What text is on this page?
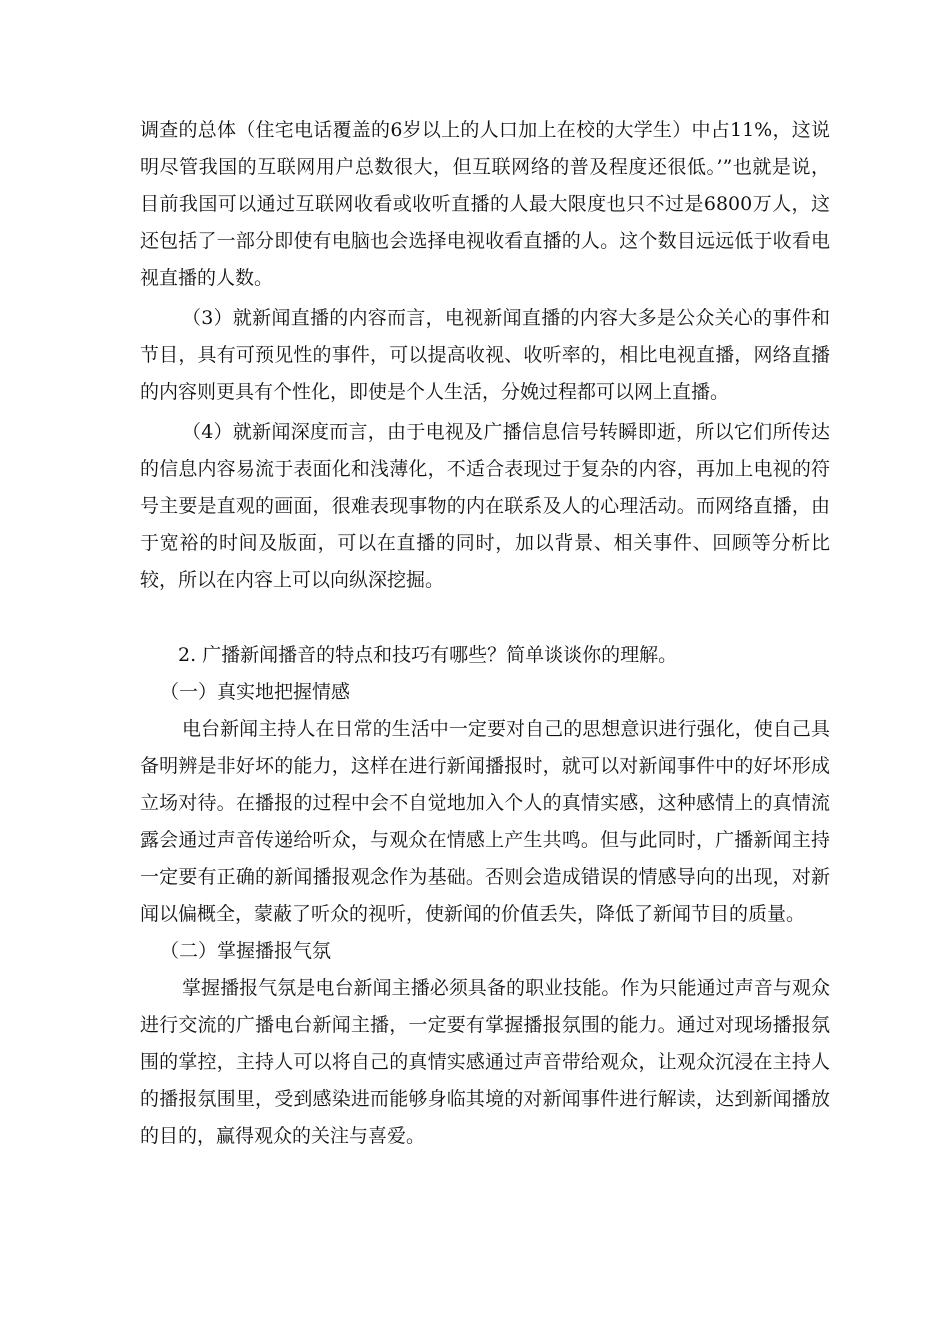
调查的总体（住宅电话覆盖的6岁以上的人口加上在校的大学生）中占11%，这说明尽管我国的互联网用户总数很大，但互联网络的普及程度还很低。’”也就是说，目前我国可以通过互联网收看或收听直播的人最大限度也只不过是6800万人，这还包括了一部分即使有电脑也会选择电视收看直播的人。这个数目远远低于收看电视直播的人数。

（3）就新闻直播的内容而言，电视新闻直播的内容大多是公众关心的事件和节目，具有可预见性的事件，可以提高收视、收听率的，相比电视直播，网络直播的内容则更具有个性化，即使是个人生活，分娩过程都可以网上直播。

（4）就新闻深度而言，由于电视及广播信息信号转瞬即逝，所以它们所传达的信息内容易流于表面化和浅薄化，不适合表现过于复杂的内容，再加上电视的符号主要是直观的画面，很难表现事物的内在联系及人的心理活动。而网络直播，由于宽裕的时间及版面，可以在直播的同时，加以背景、相关事件、回顾等分析比较，所以在内容上可以向纵深挖掘。

2. 广播新闻播音的特点和技巧有哪些？简单谈谈你的理解。

（一）真实地把握情感

电台新闻主持人在日常的生活中一定要对自己的思想意识进行强化，使自己具备明辨是非好坏的能力，这样在进行新闻播报时，就可以对新闻事件中的好坏形成立场对待。在播报的过程中会不自觉地加入个人的真情实感，这种感情上的真情流露会通过声音传递给听众，与观众在情感上产生共鸣。但与此同时，广播新闻主持一定要有正确的新闻播报观念作为基础。否则会造成错误的情感导向的出现，对新闻以偏概全，蒙蔽了听众的视听，使新闻的价值丢失，降低了新闻节目的质量。

（二）掌握播报气氛

掌握播报气氛是电台新闻主播必须具备的职业技能。作为只能通过声音与观众进行交流的广播电台新闻主播，一定要有掌握播报氛围的能力。通过对现场播报氛围的掌控，主持人可以将自己的真情实感通过声音带给观众，让观众沉浸在主持人的播报氛围里，受到感染进而能够身临其境的对新闻事件进行解读，达到新闻播放的目的，赢得观众的关注与喜爱。
